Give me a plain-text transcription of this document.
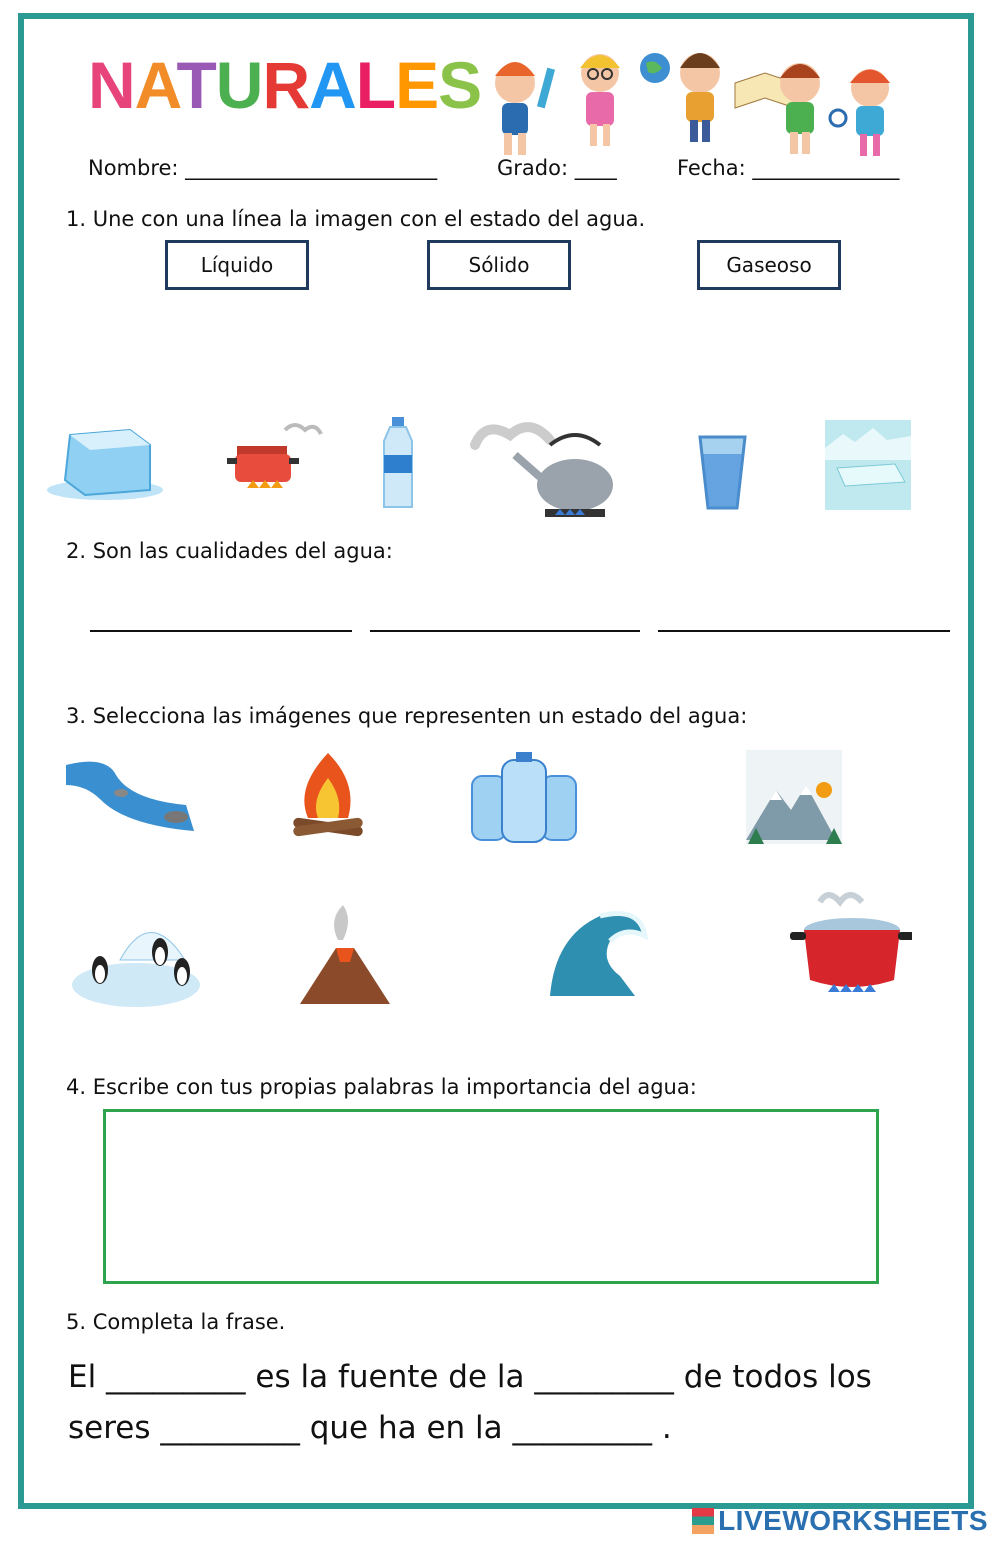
NATURALES
Nombre: ________________________	Grado: ____	Fecha: ______________
1. Une con una línea la imagen con el estado del agua.
Líquido	Sólido	Gaseoso
2. Son las cualidades del agua:
3. Selecciona las imágenes que representen un estado del agua:
4. Escribe con tus propias palabras la importancia del agua:
5. Completa la frase.
El _________ es la fuente de la _________ de todos los
seres _________ que ha en la _________ .
LIVEWORKSHEETS
